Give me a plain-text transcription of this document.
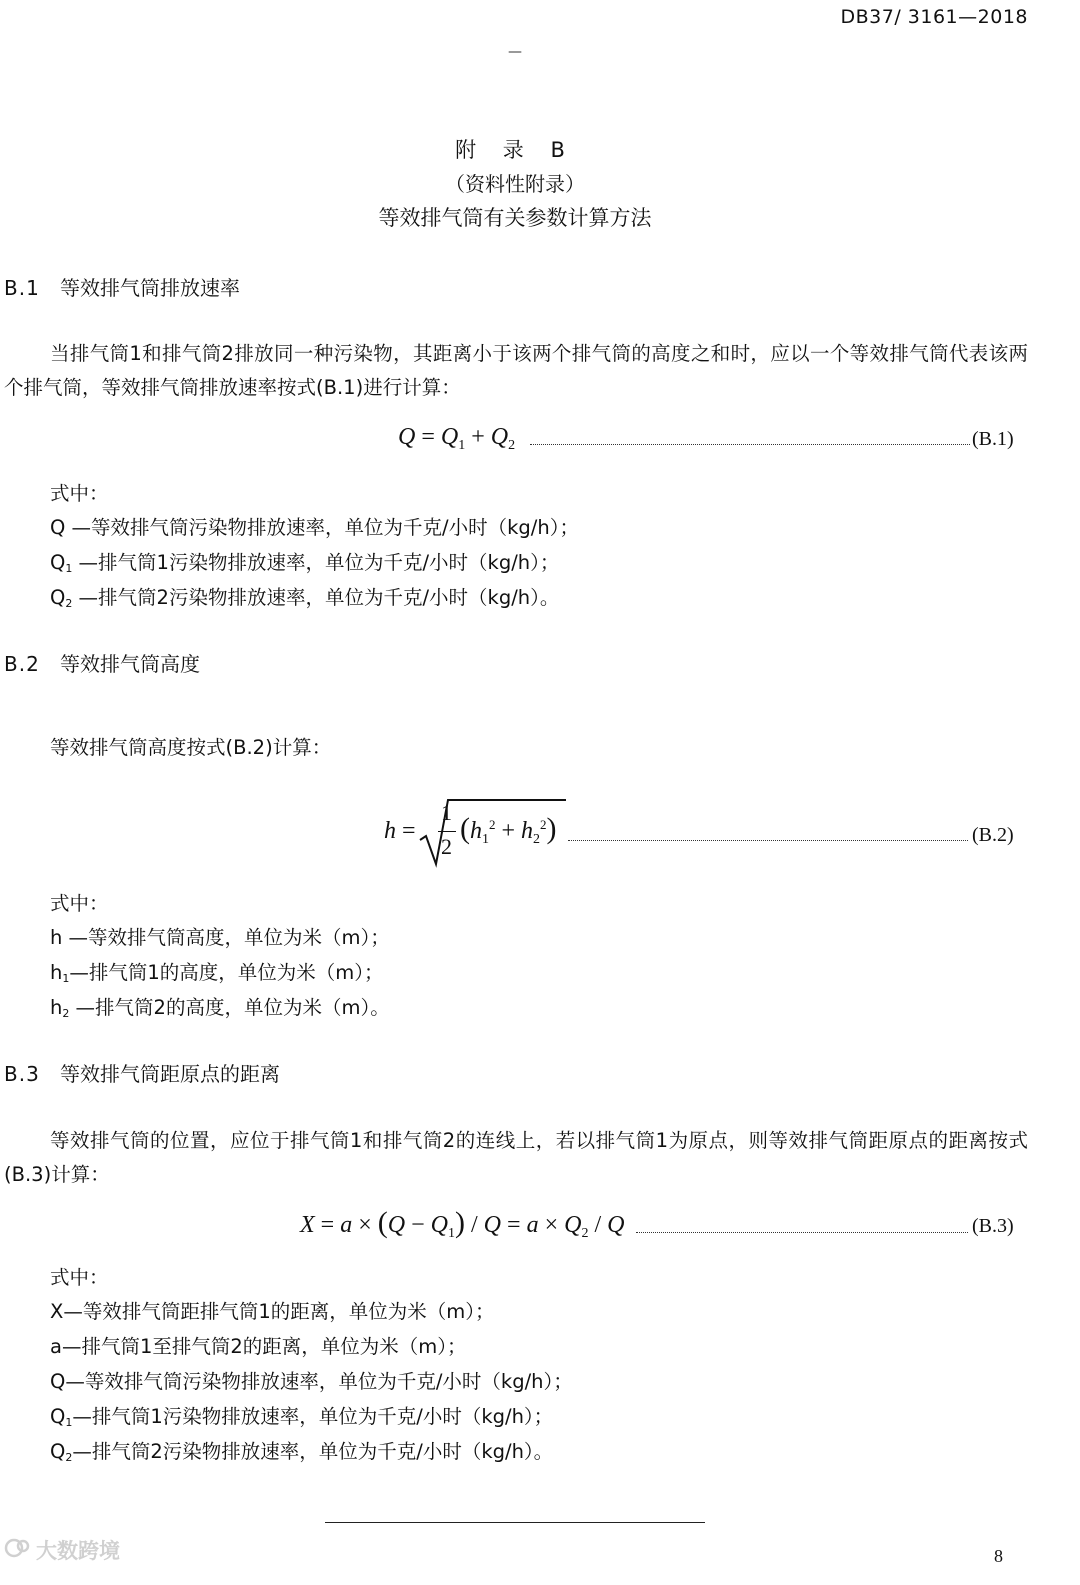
DB37/ 3161—2018
—
附 录 B
（资料性附录）
等效排气筒有关参数计算方法
B.1 等效排气筒排放速率
当排气筒1和排气筒2排放同一种污染物，其距离小于该两个排气筒的高度之和时，应以一个等效排气筒代表该两个排气筒，等效排气筒排放速率按式(B.1)进行计算：
$Q = Q_1 + Q_2$	(B.1)
式中：
Q —等效排气筒污染物排放速率，单位为千克/小时（kg/h）；
$Q_1$ —排气筒1污染物排放速率，单位为千克/小时（kg/h）；
$Q_2$ —排气筒2污染物排放速率，单位为千克/小时（kg/h）。
B.2 等效排气筒高度
等效排气筒高度按式(B.2)计算：
h =
1
2
$(h_1^2 + h_2^2)$	(B.2)
式中：
h —等效排气筒高度，单位为米（m）；
$h_1—$排气筒1的高度，单位为米（m）；
$h_2$ —排气筒2的高度，单位为米（m）。
B.3 等效排气筒距原点的距离
等效排气筒的位置，应位于排气筒1和排气筒2的连线上，若以排气筒1为原点，则等效排气筒距原点的距离按式(B.3)计算：
$X = a \times (Q - Q_1) / Q = a \times Q_2 / Q$	(B.3)
式中：
X—等效排气筒距排气筒1的距离，单位为米（m）；
a—排气筒1至排气筒2的距离，单位为米（m）；
Q—等效排气筒污染物排放速率，单位为千克/小时（kg/h）；
$Q_1—$排气筒1污染物排放速率，单位为千克/小时（kg/h）；
$Q_2—$排气筒2污染物排放速率，单位为千克/小时（kg/h）。
大数跨境	8
